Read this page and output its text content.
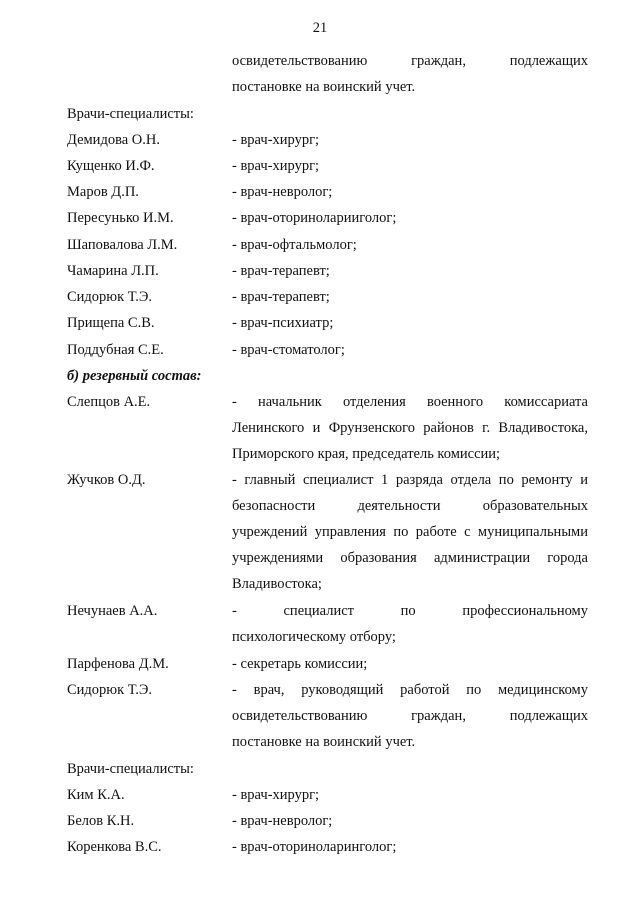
21
освидетельствованию граждан, подлежащих
постановке на воинский учет.
Врачи-специалисты:
Демидова О.Н.	- врач-хирург;
Кущенко И.Ф.	- врач-хирург;
Маров Д.П.	- врач-невролог;
Пересунько И.М.	- врач-оториноларииголог;
Шаповалова Л.М.	- врач-офтальмолог;
Чамарина Л.П.	- врач-терапевт;
Сидорюк Т.Э.	- врач-терапевт;
Прищепа С.В.	- врач-психиатр;
Поддубная С.Е.	- врач-стоматолог;
б) резервный состав:
Слепцов А.Е.	- начальник отделения военного комиссариата
Ленинского и Фрунзенского районов г. Владивостока,
Приморского края, председатель комиссии;
Жучков О.Д.	- главный специалист 1 разряда отдела по ремонту и
безопасности деятельности образовательных
учреждений управления по работе с муниципальными
учреждениями образования администрации города
Владивостока;
Нечунаев А.А.	- специалист по профессиональному
психологическому отбору;
Парфенова Д.М.	- секретарь комиссии;
Сидорюк Т.Э.	- врач, руководящий работой по медицинскому
освидетельствованию граждан, подлежащих
постановке на воинский учет.
Врачи-специалисты:
Ким К.А.	- врач-хирург;
Белов К.Н.	- врач-невролог;
Коренкова В.С.	- врач-оториноларинголог;
